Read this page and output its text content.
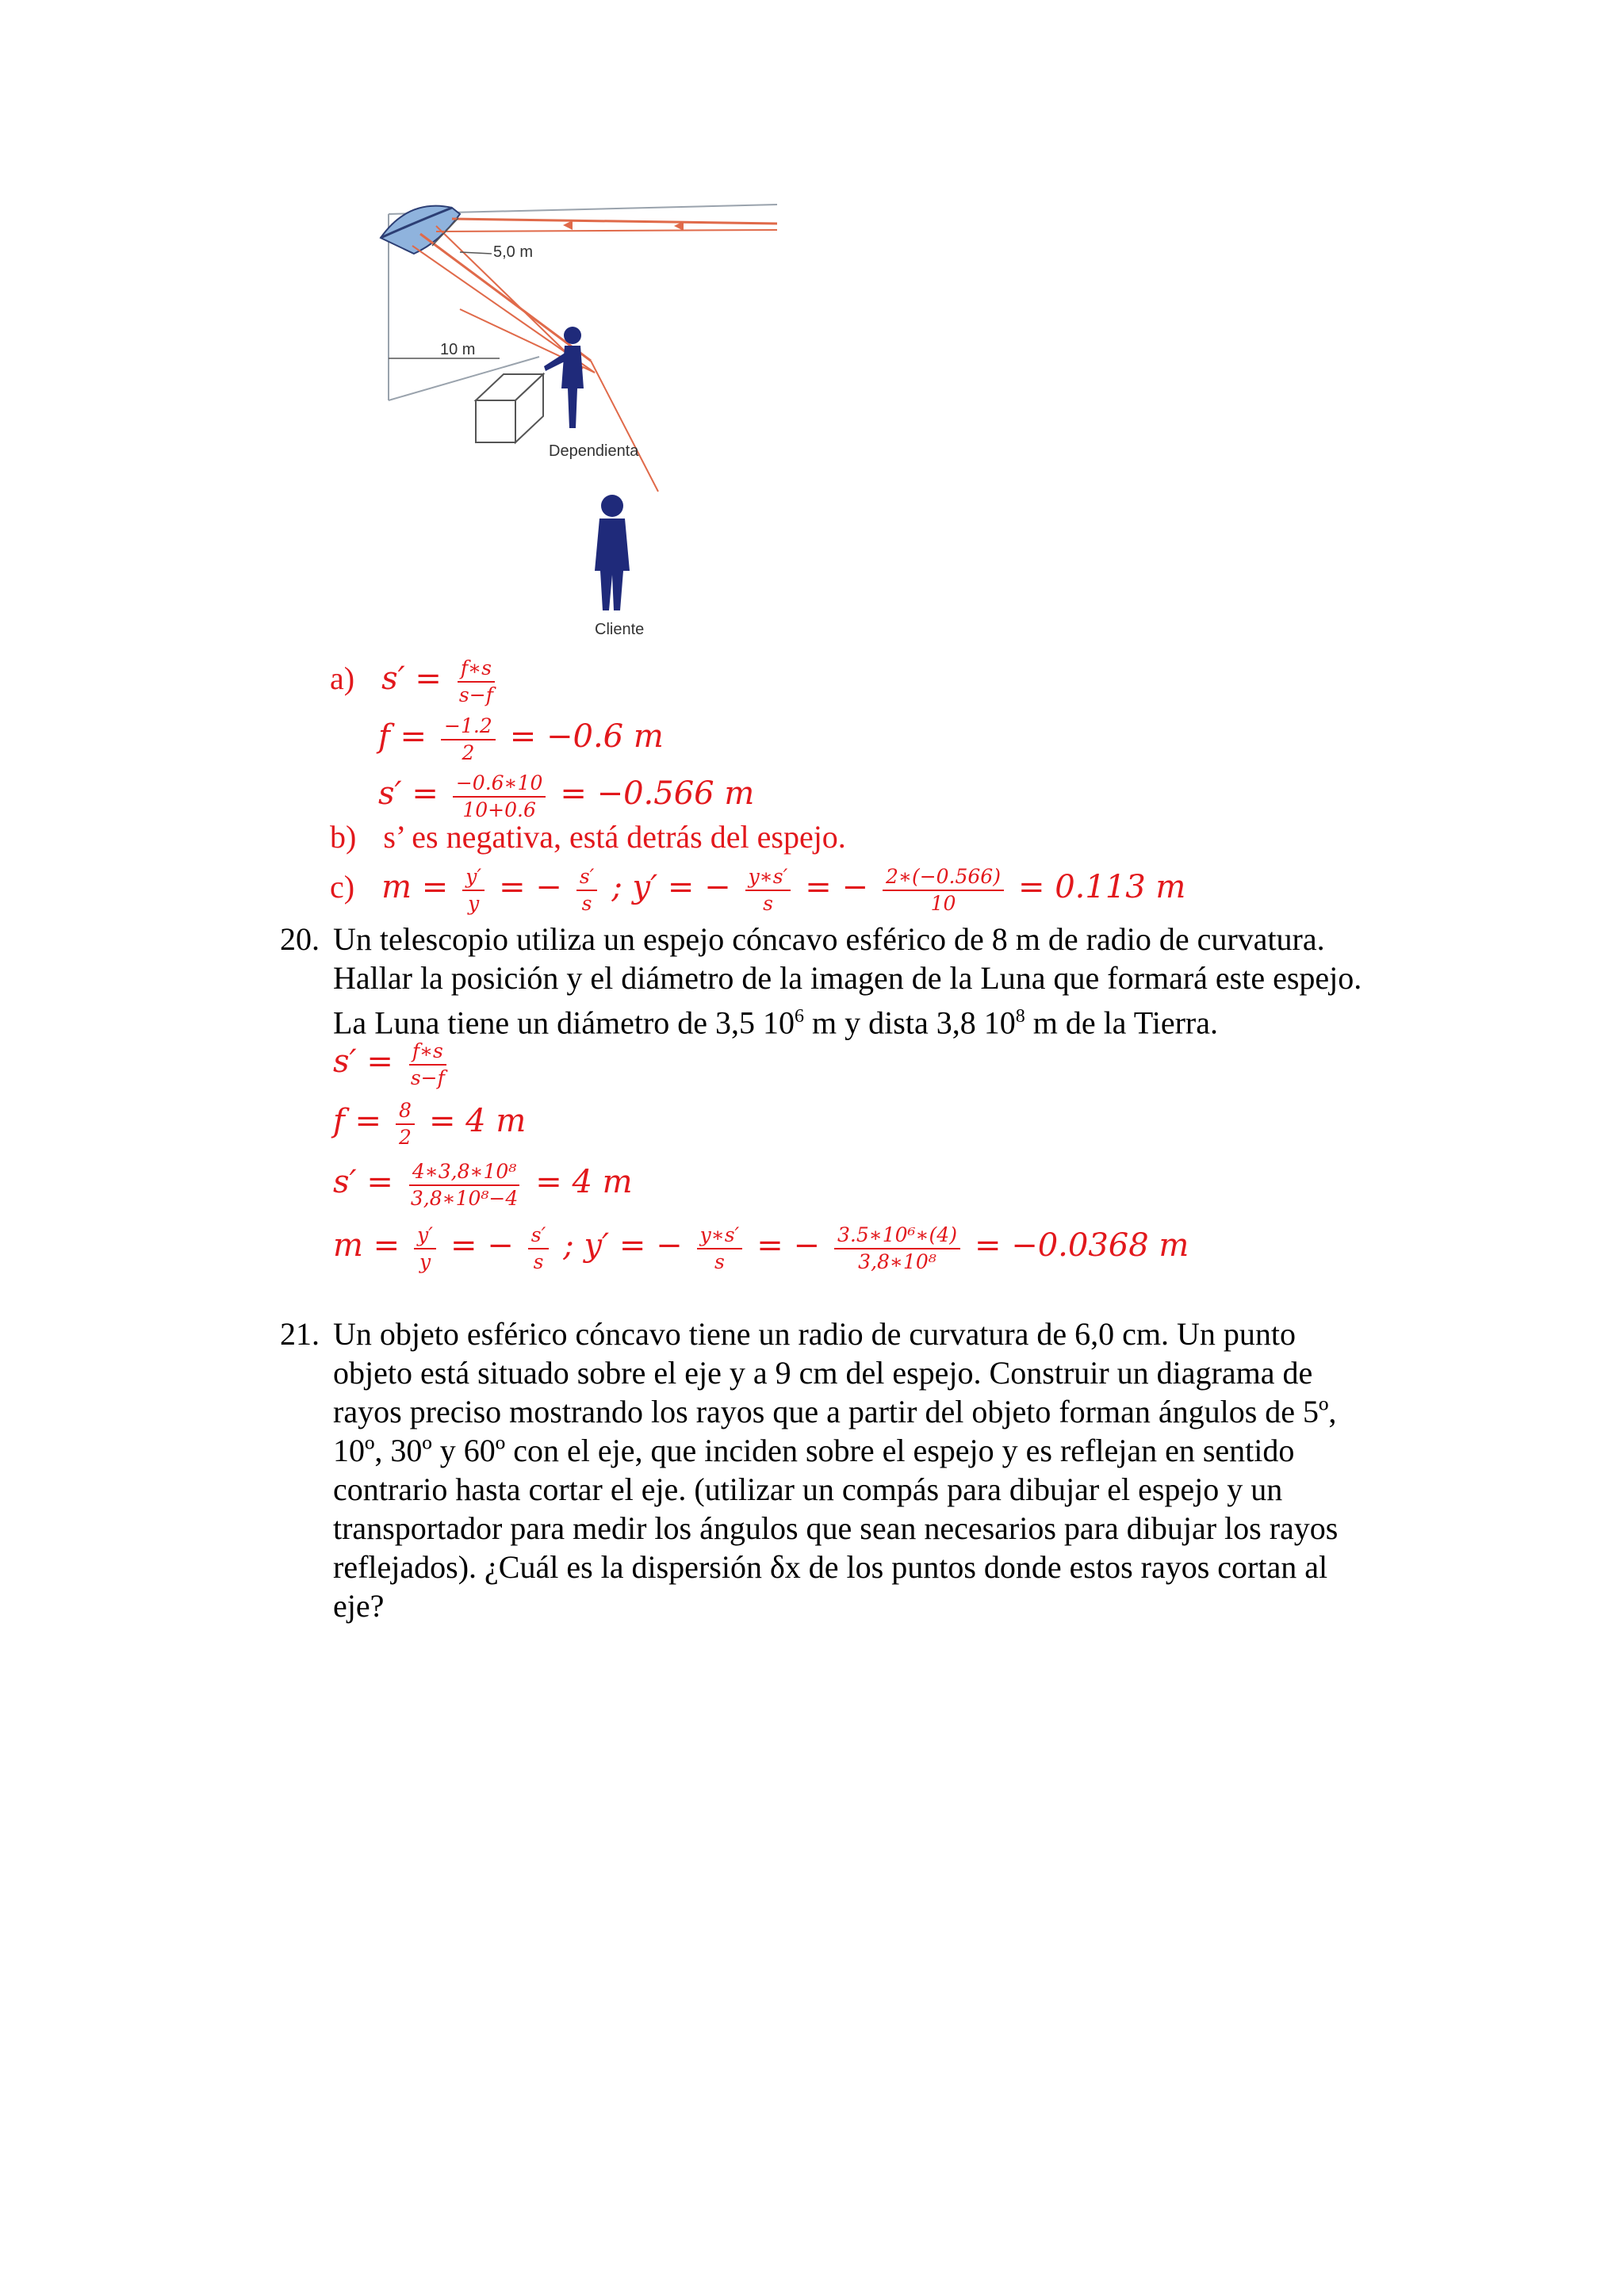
5,0 m
10 m
Dependienta
Cliente
a) $s' = \frac{f∗s}{s-f}$
$f = \frac{-1.2}{2} = -0.6$ m
$s' = \frac{-0.6∗10}{10+0.6} = -0.566$ m
b) s’ es negativa, está detrás del espejo.
c) $m = \frac{y'}{y}$ = − $\frac{s'}{s}$ ; y′ = − $\frac{y∗s'}{s}$ = − $\frac{2∗(-0.566)}{10} = 0.113$ m
20. Un telescopio utiliza un espejo cóncavo esférico de 8 m de radio de curvatura.
Hallar la posición y el diámetro de la imagen de la Luna que formará este espejo.
La Luna tiene un diámetro de 3,5 $10^6$ m y dista 3,8 $10^8$ m de la Tierra.
$s' = \frac{f∗s}{s-f}$
$f = \frac{8}{2} = 4$ m
$s' = \frac{\text{4∗3,8∗10⁸}}{\text{3,8∗10⁸−4}} = 4$ m
$m = \frac{y'}{y}$ = − $\frac{s'}{s}$ ; y′ = − $\frac{y∗s'}{s}$ = − $\frac{\text{3.5∗10⁶∗(4)}}{\text{3,8∗10⁸}} = -0.0368$ m
21. Un objeto esférico cóncavo tiene un radio de curvatura de 6,0 cm. Un punto
objeto está situado sobre el eje y a 9 cm del espejo. Construir un diagrama de
rayos preciso mostrando los rayos que a partir del objeto forman ángulos de 5º,
10º, 30º y 60º con el eje, que inciden sobre el espejo y es reflejan en sentido
contrario hasta cortar el eje. (utilizar un compás para dibujar el espejo y un
transportador para medir los ángulos que sean necesarios para dibujar los rayos
reflejados). ¿Cuál es la dispersión δx de los puntos donde estos rayos cortan al
eje?
